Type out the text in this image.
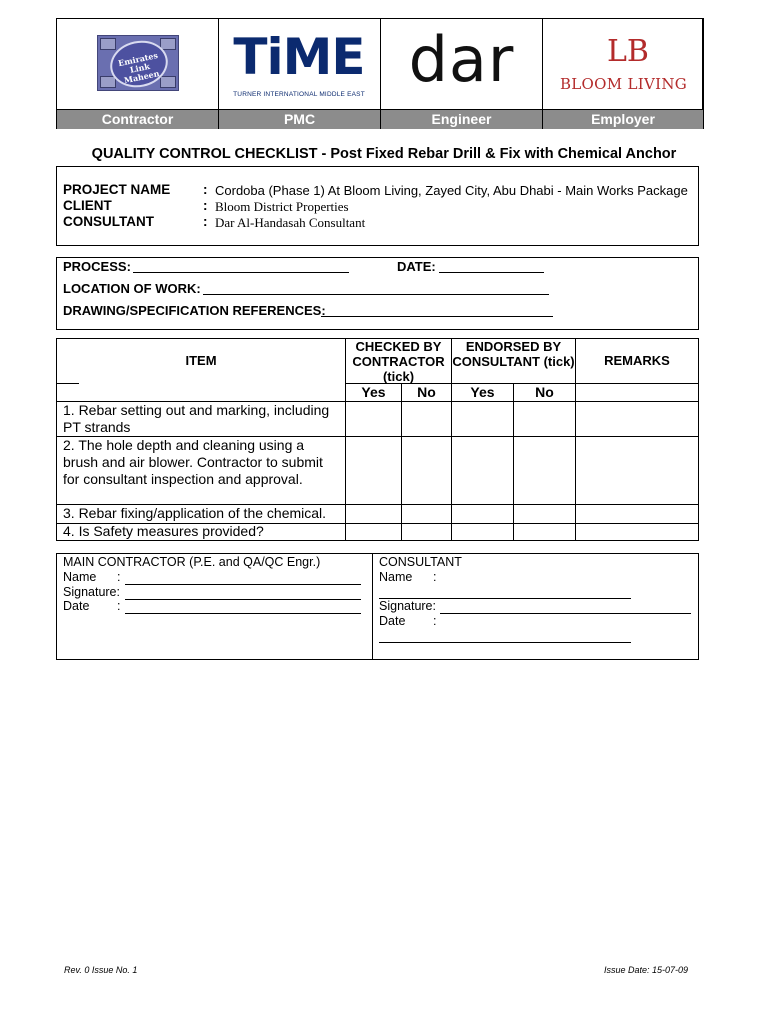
Emirates Link Maheen TiME
TURNER INTERNATIONAL MIDDLE EAST dar	LB
BLOOM LIVING
Contractor	PMC	Engineer	Employer
QUALITY CONTROL CHECKLIST - Post Fixed Rebar Drill & Fix with Chemical Anchor
PROJECT NAME : Cordoba (Phase 1) At Bloom Living, Zayed City, Abu Dhabi - Main Works Package
CLIENT	: Bloom District Properties
CONSULTANT	: Dar Al-Handasah Consultant
PROCESS:	DATE:
LOCATION OF WORK:
DRAWING/SPECIFICATION REFERENCES:
ITEM
CHECKED BY CONTRACTOR (tick)
ENDORSED BY CONSULTANT (tick)	REMARKS
Yes	No	Yes	No
1. Rebar setting out and marking, including PT strands
2. The hole depth and cleaning using a brush and air blower. Contractor to submit for consultant inspection and approval.
3. Rebar fixing/application of the chemical.
4. Is Safety measures provided?
MAIN CONTRACTOR (P.E. and QA/QC Engr.)
Name :
Signature:
Date :
CONSULTANT
Name :
Signature:
Date :
Rev. 0 Issue No. 1	Issue Date: 15-07-09
